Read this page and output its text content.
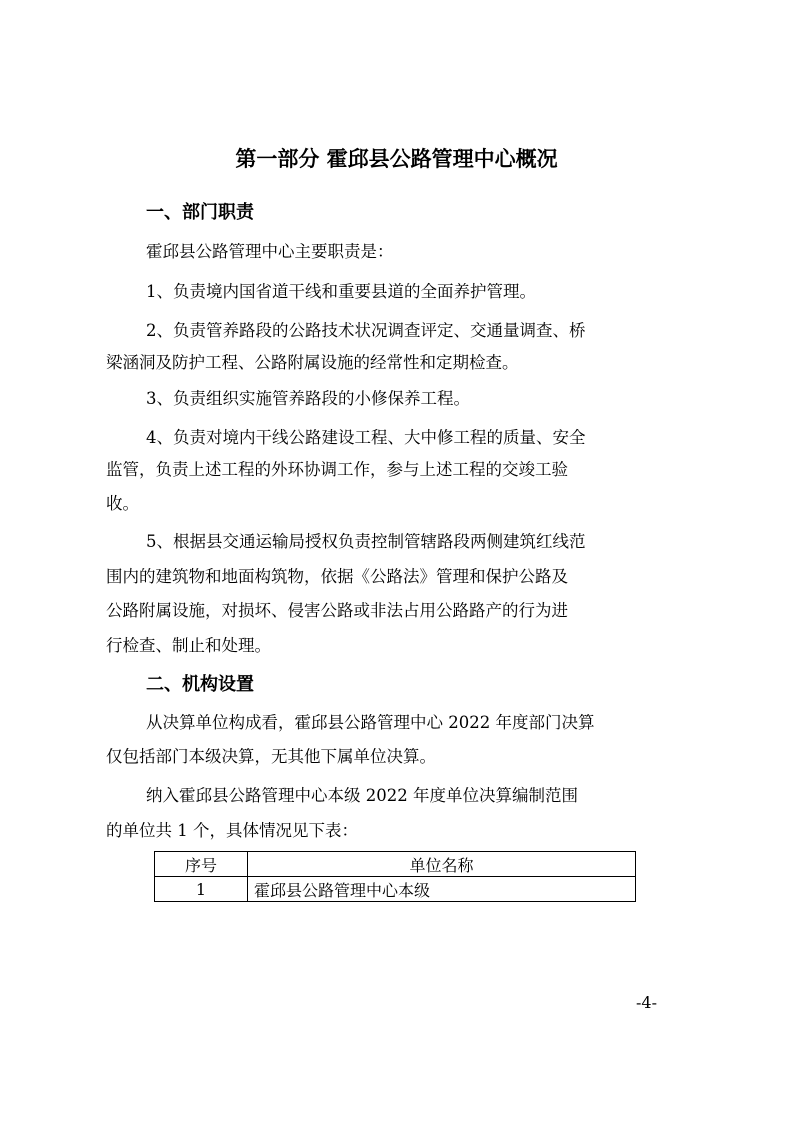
第一部分 霍邱县公路管理中心概况
一、部门职责

霍邱县公路管理中心主要职责是：

1、负责境内国省道干线和重要县道的全面养护管理。

2、负责管养路段的公路技术状况调查评定、交通量调查、桥

梁涵洞及防护工程、公路附属设施的经常性和定期检查。

3、负责组织实施管养路段的小修保养工程。

4、负责对境内干线公路建设工程、大中修工程的质量、安全

监管，负责上述工程的外环协调工作，参与上述工程的交竣工验

收。

5、根据县交通运输局授权负责控制管辖路段两侧建筑红线范

围内的建筑物和地面构筑物，依据《公路法》管理和保护公路及

公路附属设施，对损坏、侵害公路或非法占用公路路产的行为进

行检查、制止和处理。

二、机构设置

从决算单位构成看，霍邱县公路管理中心 2022 年度部门决算

仅包括部门本级决算，无其他下属单位决算。

纳入霍邱县公路管理中心本级 2022 年度单位决算编制范围

的单位共 1 个，具体情况见下表：

序号	单位名称
1	霍邱县公路管理中心本级
-4-
